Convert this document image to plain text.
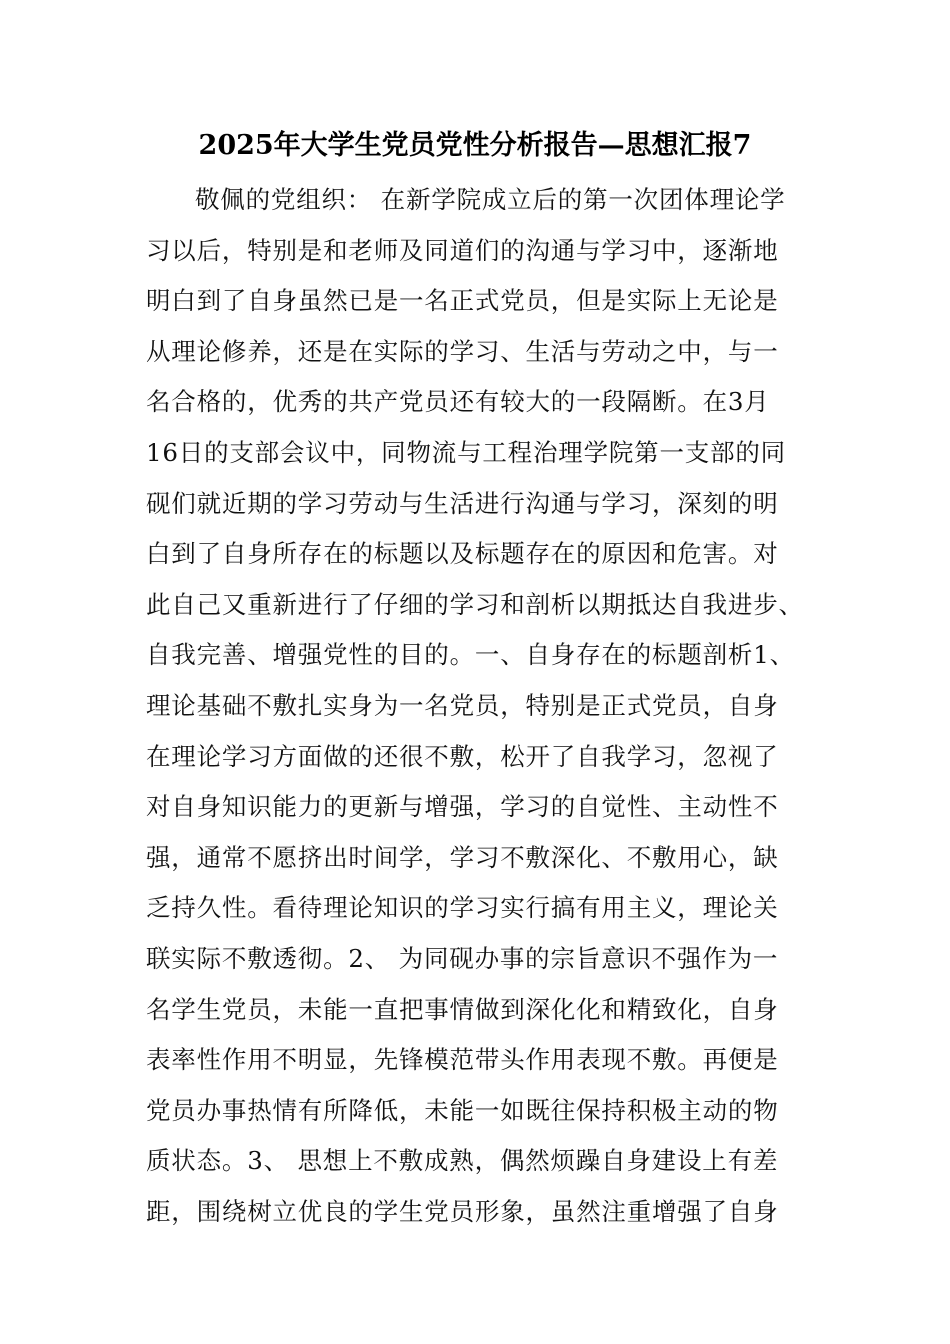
2025年大学生党员党性分析报告—思想汇报7
敬佩的党组织： 在新学院成立后的第一次团体理论学
习以后，特别是和老师及同道们的沟通与学习中，逐渐地
明白到了自身虽然已是一名正式党员，但是实际上无论是
从理论修养，还是在实际的学习、生活与劳动之中，与一
名合格的，优秀的共产党员还有较大的一段隔断。在3月
16日的支部会议中，同物流与工程治理学院第一支部的同
砚们就近期的学习劳动与生活进行沟通与学习，深刻的明
白到了自身所存在的标题以及标题存在的原因和危害。对
此自己又重新进行了仔细的学习和剖析以期抵达自我进步、
自我完善、增强党性的目的。一、自身存在的标题剖析1、
理论基础不敷扎实身为一名党员，特别是正式党员，自身
在理论学习方面做的还很不敷，松开了自我学习，忽视了
对自身知识能力的更新与增强，学习的自觉性、主动性不
强，通常不愿挤出时间学，学习不敷深化、不敷用心，缺
乏持久性。看待理论知识的学习实行搞有用主义，理论关
联实际不敷透彻。2、 为同砚办事的宗旨意识不强作为一
名学生党员，未能一直把事情做到深化化和精致化，自身
表率性作用不明显，先锋模范带头作用表现不敷。再便是
党员办事热情有所降低，未能一如既往保持积极主动的物
质状态。3、 思想上不敷成熟，偶然烦躁自身建设上有差
距，围绕树立优良的学生党员形象，虽然注重增强了自身
